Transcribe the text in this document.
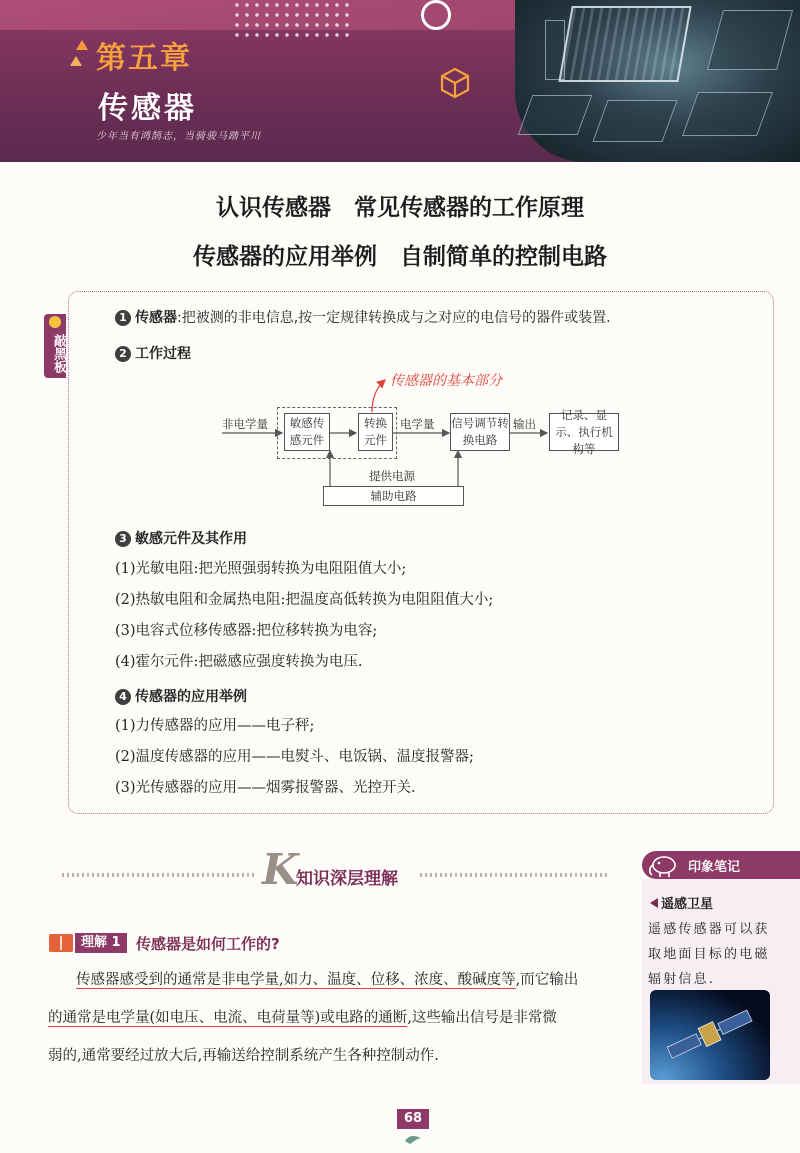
第五章
传感器
少年当有鸿鹄志，当骑骏马踏平川
认识传感器　常见传感器的工作原理
传感器的应用举例　自制简单的控制电路
敲黑板
1 传感器:把被测的非电信息,按一定规律转换成与之对应的电信号的器件或装置.
2 工作过程
非电学量	敏感传感元件
转换元件
电学量 信号调节转换电路
输出
记录、显示、执行机构等
提供电源
辅助电路
传感器的基本部分
3 敏感元件及其作用
(1)光敏电阻:把光照强弱转换为电阻阻值大小;
(2)热敏电阻和金属热电阻:把温度高低转换为电阻阻值大小;
(3)电容式位移传感器:把位移转换为电容;
(4)霍尔元件:把磁感应强度转换为电压.
4 传感器的应用举例
(1)力传感器的应用——电子秤;
(2)温度传感器的应用——电熨斗、电饭锅、温度报警器;
(3)光传感器的应用——烟雾报警器、光控开关.
K
知识深层理解
理解 1	传感器是如何工作的?
传感器感受到的通常是非电学量,如力、温度、位移、浓度、酸碱度等,而它输出
的通常是电学量(如电压、电流、电荷量等)或电路的通断,这些输出信号是非常微
弱的,通常要经过放大后,再输送给控制系统产生各种控制动作.
印象笔记
遥感卫星
遥感传感器可以获
取地面目标的电磁
辐射信息.
68
